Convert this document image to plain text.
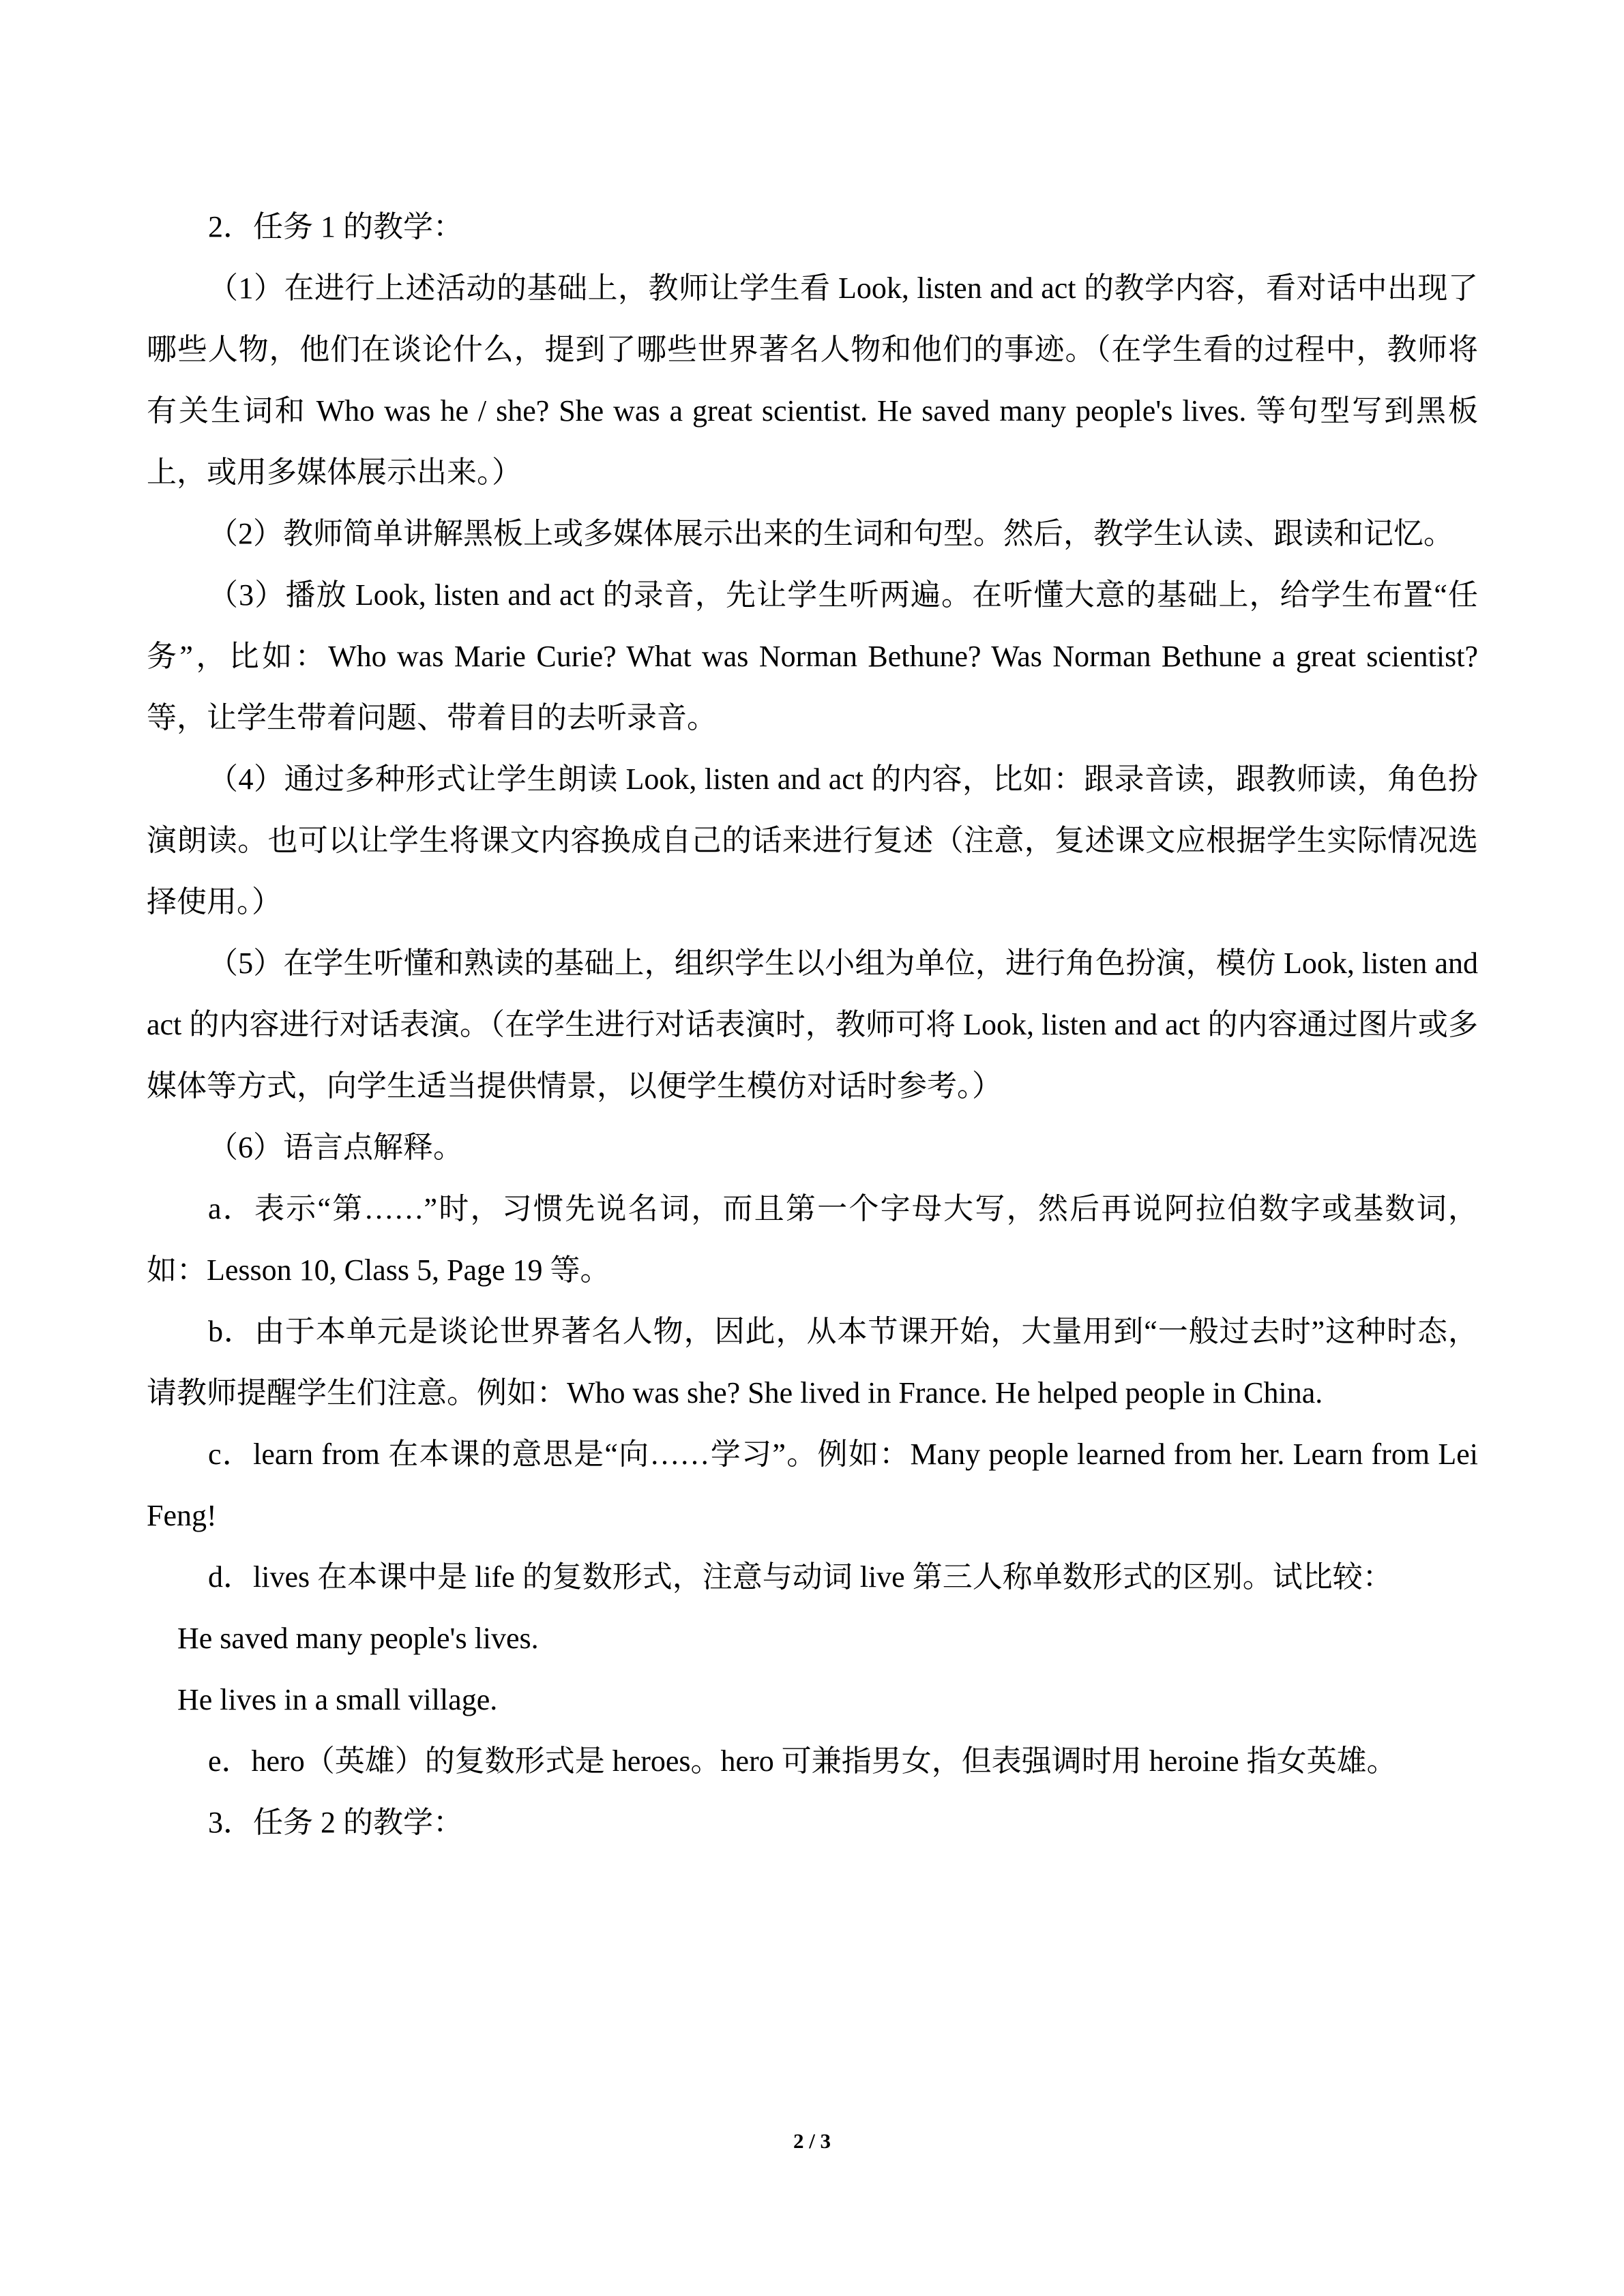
2．任务 1 的教学：

（1）在进行上述活动的基础上，教师让学生看 Look, listen and act 的教学内容，看对话中出现了哪些人物，他们在谈论什么，提到了哪些世界著名人物和他们的事迹。（在学生看的过程中，教师将有关生词和 Who was he / she? She was a great scientist. He saved many people's lives. 等句型写到黑板上，或用多媒体展示出来。）

（2）教师简单讲解黑板上或多媒体展示出来的生词和句型。然后，教学生认读、跟读和记忆。

（3）播放 Look, listen and act 的录音，先让学生听两遍。在听懂大意的基础上，给学生布置“任务”，比如：Who was Marie Curie? What was Norman Bethune? Was Norman Bethune a great scientist? 等，让学生带着问题、带着目的去听录音。

（4）通过多种形式让学生朗读 Look, listen and act 的内容，比如：跟录音读，跟教师读，角色扮演朗读。也可以让学生将课文内容换成自己的话来进行复述（注意，复述课文应根据学生实际情况选择使用。）

（5）在学生听懂和熟读的基础上，组织学生以小组为单位，进行角色扮演，模仿 Look, listen and act 的内容进行对话表演。（在学生进行对话表演时，教师可将 Look, listen and act 的内容通过图片或多媒体等方式，向学生适当提供情景，以便学生模仿对话时参考。）

（6）语言点解释。

a．表示“第……”时，习惯先说名词，而且第一个字母大写，然后再说阿拉伯数字或基数词，如：Lesson 10, Class 5, Page 19 等。

b．由于本单元是谈论世界著名人物，因此，从本节课开始，大量用到“一般过去时”这种时态，请教师提醒学生们注意。例如：Who was she? She lived in France. He helped people in China.

c．learn from 在本课的意思是“向……学习”。例如：Many people learned from her. Learn from Lei Feng!

d．lives 在本课中是 life 的复数形式，注意与动词 live 第三人称单数形式的区别。试比较：

He saved many people's lives.

He lives in a small village.

e．hero（英雄）的复数形式是 heroes。hero 可兼指男女，但表强调时用 heroine 指女英雄。

3．任务 2 的教学：

2 / 3
